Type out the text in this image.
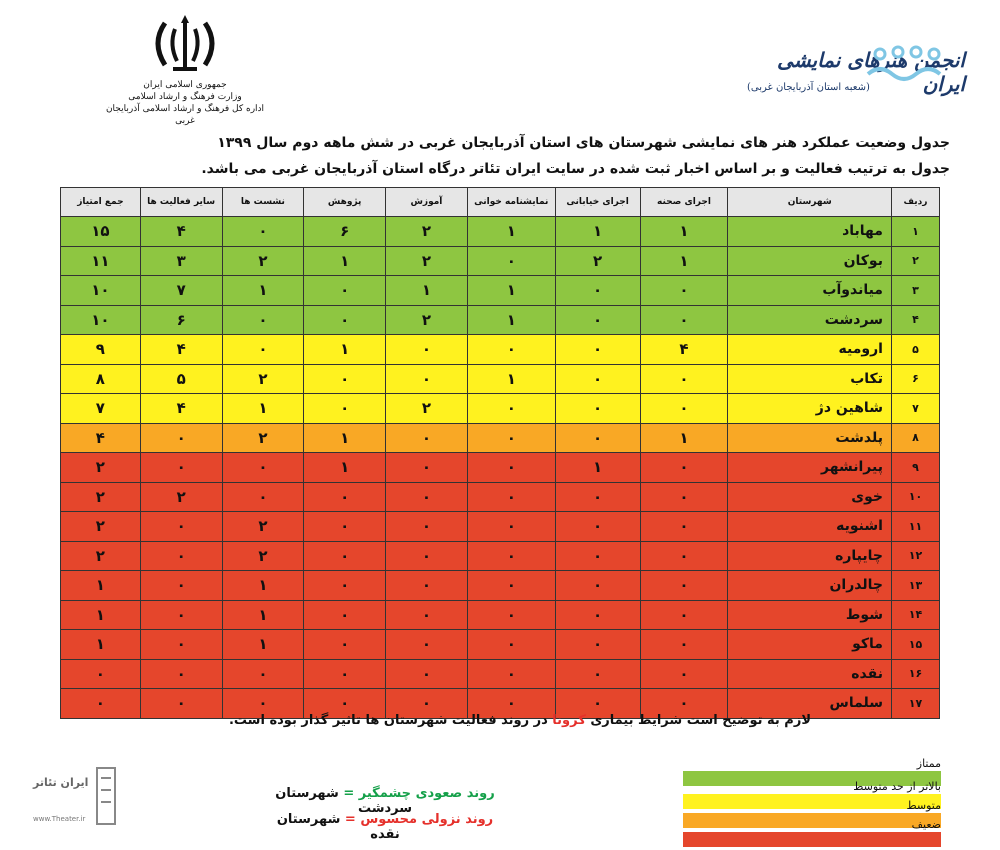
جمهوری اسلامی ایران
وزارت فرهنگ و ارشاد اسلامی
اداره کل فرهنگ و ارشاد اسلامی آذربایجان غربی
انجمن هنرهای نمایشی ایران
(شعبه استان آذربایجان غربی)
جدول وضعیت عملکرد هنر های نمایشی شهرستان های استان آذربایجان غربی در شش ماهه دوم سال ۱۳۹۹
جدول به ترتیب فعالیت و بر اساس اخبار ثبت شده در سایت ایران تئاتر درگاه استان آذربایجان غربی می باشد.
ردیف	شهرستان	اجرای صحنه	اجرای خیابانی	نمایشنامه خوانی	آموزش	پژوهش	نشست ها	سایر فعالیت ها	جمع امتیاز
۱	مهاباد	۱	۱	۱	۲	۶	۰	۴	۱۵
۲	بوکان	۱	۲	۰	۲	۱	۲	۳	۱۱
۳	میاندوآب	۰	۰	۱	۱	۰	۱	۷	۱۰
۴	سردشت	۰	۰	۱	۲	۰	۰	۶	۱۰
۵	ارومیه	۴	۰	۰	۰	۱	۰	۴	۹
۶	تکاب	۰	۰	۱	۰	۰	۲	۵	۸
۷	شاهین دژ	۰	۰	۰	۲	۰	۱	۴	۷
۸	پلدشت	۱	۰	۰	۰	۱	۲	۰	۴
۹	پیرانشهر	۰	۱	۰	۰	۱	۰	۰	۲
۱۰	خوی	۰	۰	۰	۰	۰	۰	۲	۲
۱۱	اشنویه	۰	۰	۰	۰	۰	۲	۰	۲
۱۲	چایپاره	۰	۰	۰	۰	۰	۲	۰	۲
۱۳	چالدران	۰	۰	۰	۰	۰	۱	۰	۱
۱۴	شوط	۰	۰	۰	۰	۰	۱	۰	۱
۱۵	ماکو	۰	۰	۰	۰	۰	۱	۰	۱
۱۶	نقده	۰	۰	۰	۰	۰	۰	۰	۰
۱۷	سلماس	۰	۰	۰	۰	۰	۰	۰	۰
لازم به توضیح است شرایط بیماری کرونا در روند فعالیت شهرستان ها تاثیر گذار بوده است.
روند صعودی چشمگیر = شهرستان سردشت
روند نزولی محسوس = شهرستان نقده
ممتاز
بالاتر از حد متوسط
متوسط
ضعیف
ایران تئاتر
www.Theater.ir
